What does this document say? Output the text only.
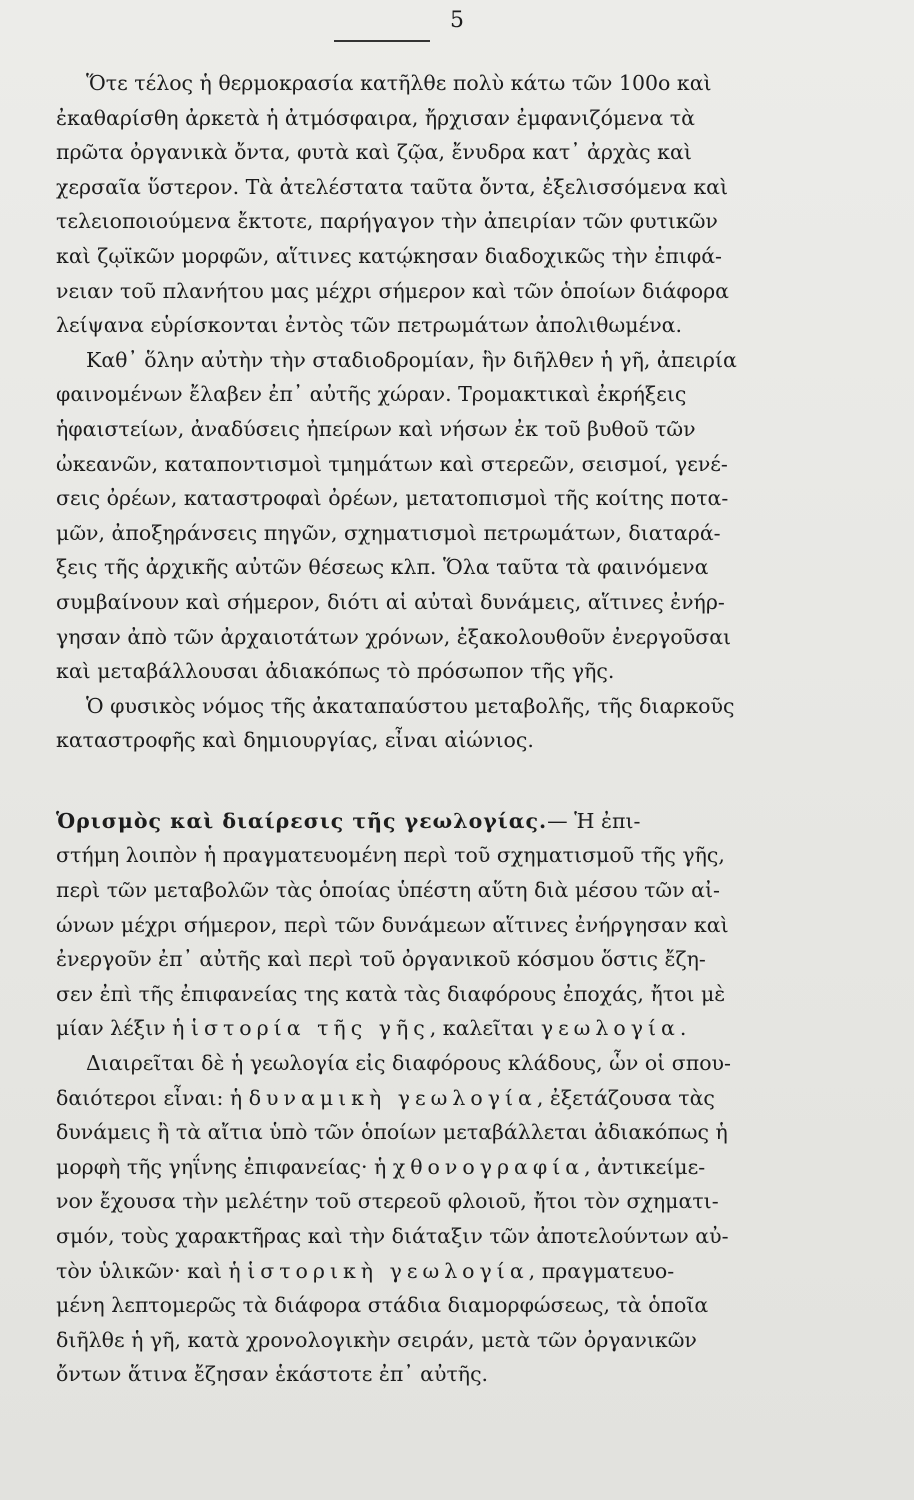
5
Ὅτε τέλος ἡ θερμοκρασία κατῆλθε πολὺ κάτω τῶν 100ο καὶ
ἐκαθαρίσθη ἀρκετὰ ἡ ἀτμόσφαιρα, ἤρχισαν ἐμφανιζόμενα τὰ
πρῶτα ὀργανικὰ ὄντα, φυτὰ καὶ ζῷα, ἔνυδρα κατ᾽ ἀρχὰς καὶ
χερσαῖα ὕστερον. Τὰ ἀτελέστατα ταῦτα ὄντα, ἐξελισσόμενα καὶ
τελειοποιούμενα ἔκτοτε, παρήγαγον τὴν ἀπειρίαν τῶν φυτικῶν
καὶ ζῳϊκῶν μορφῶν, αἵτινες κατῴκησαν διαδοχικῶς τὴν ἐπιφά-
νειαν τοῦ πλανήτου μας μέχρι σήμερον καὶ τῶν ὁποίων διάφορα
λείψανα εὑρίσκονται ἐντὸς τῶν πετρωμάτων ἀπολιθωμένα.
Καθ᾽ ὅλην αὐτὴν τὴν σταδιοδρομίαν, ἣν διῆλθεν ἡ γῆ, ἀπειρία
φαινομένων ἔλαβεν ἐπ᾽ αὐτῆς χώραν. Τρομακτικαὶ ἐκρήξεις
ἡφαιστείων, ἀναδύσεις ἠπείρων καὶ νήσων ἐκ τοῦ βυθοῦ τῶν
ὠκεανῶν, καταποντισμοὶ τμημάτων καὶ στερεῶν, σεισμοί, γενέ-
σεις ὀρέων, καταστροφαὶ ὀρέων, μετατοπισμοὶ τῆς κοίτης ποτα-
μῶν, ἀποξηράνσεις πηγῶν, σχηματισμοὶ πετρωμάτων, διαταρά-
ξεις τῆς ἀρχικῆς αὐτῶν θέσεως κλπ. Ὅλα ταῦτα τὰ φαινόμενα
συμβαίνουν καὶ σήμερον, διότι αἱ αὐταὶ δυνάμεις, αἵτινες ἐνήρ-
γησαν ἀπὸ τῶν ἀρχαιοτάτων χρόνων, ἐξακολουθοῦν ἐνεργοῦσαι
καὶ μεταβάλλουσαι ἀδιακόπως τὸ πρόσωπον τῆς γῆς.
Ὁ φυσικὸς νόμος τῆς ἀκαταπαύστου μεταβολῆς, τῆς διαρκοῦς
καταστροφῆς καὶ δημιουργίας, εἶναι αἰώνιος.
Ὁρισμὸς καὶ διαίρεσις τῆς γεωλογίας.— Ἡ ἐπι-
στήμη λοιπὸν ἡ πραγματευομένη περὶ τοῦ σχηματισμοῦ τῆς γῆς,
περὶ τῶν μεταβολῶν τὰς ὁποίας ὑπέστη αὕτη διὰ μέσου τῶν αἰ-
ώνων μέχρι σήμερον, περὶ τῶν δυνάμεων αἵτινες ἐνήργησαν καὶ
ἐνεργοῦν ἐπ᾽ αὐτῆς καὶ περὶ τοῦ ὀργανικοῦ κόσμου ὅστις ἔζη-
σεν ἐπὶ τῆς ἐπιφανείας της κατὰ τὰς διαφόρους ἐποχάς, ἤτοι μὲ
μίαν λέξιν ἡ ἱστορία τῆς γῆς, καλεῖται γεωλογία.
Διαιρεῖται δὲ ἡ γεωλογία εἰς διαφόρους κλάδους, ὧν οἱ σπου-
δαιότεροι εἶναι: ἡ δυναμικὴ γεωλογία, ἐξετάζουσα τὰς
δυνάμεις ἢ τὰ αἴτια ὑπὸ τῶν ὁποίων μεταβάλλεται ἀδιακόπως ἡ
μορφὴ τῆς γηΐνης ἐπιφανείας· ἡ χθονογραφία, ἀντικείμε-
νον ἔχουσα τὴν μελέτην τοῦ στερεοῦ φλοιοῦ, ἤτοι τὸν σχηματι-
σμόν, τοὺς χαρακτῆρας καὶ τὴν διάταξιν τῶν ἀποτελούντων αὐ-
τὸν ὑλικῶν· καὶ ἡ ἱστορικὴ γεωλογία, πραγματευο-
μένη λεπτομερῶς τὰ διάφορα στάδια διαμορφώσεως, τὰ ὁποῖα
διῆλθε ἡ γῆ, κατὰ χρονολογικὴν σειράν, μετὰ τῶν ὀργανικῶν
ὄντων ἅτινα ἔζησαν ἑκάστοτε ἐπ᾽ αὐτῆς.
